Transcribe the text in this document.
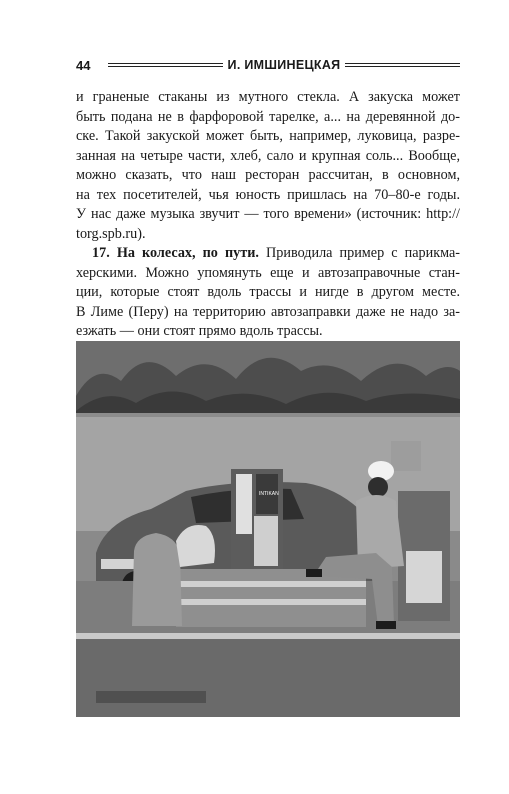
44	И. ИМШИНЕЦКАЯ
и граненые стаканы из мутного стекла. А закуска может
быть подана не в фарфоровой тарелке, а... на деревянной до-
ске. Такой закуской может быть, например, луковица, разре-
занная на четыре части, хлеб, сало и крупная соль... Вообще,
можно сказать, что наш ресторан рассчитан, в основном,
на тех посетителей, чья юность пришлась на 70–80-е годы.
У нас даже музыка звучит — того времени» (источник: http://
torg.spb.ru).
17. На колесах, по пути. Приводила пример с парикма-
херскими. Можно упомянуть еще и автозаправочные стан-
ции, которые стоят вдоль трассы и нигде в другом месте.
В Лиме (Перу) на территорию автозаправки даже не надо за-
езжать — они стоят прямо вдоль трассы.
INTIKAN
